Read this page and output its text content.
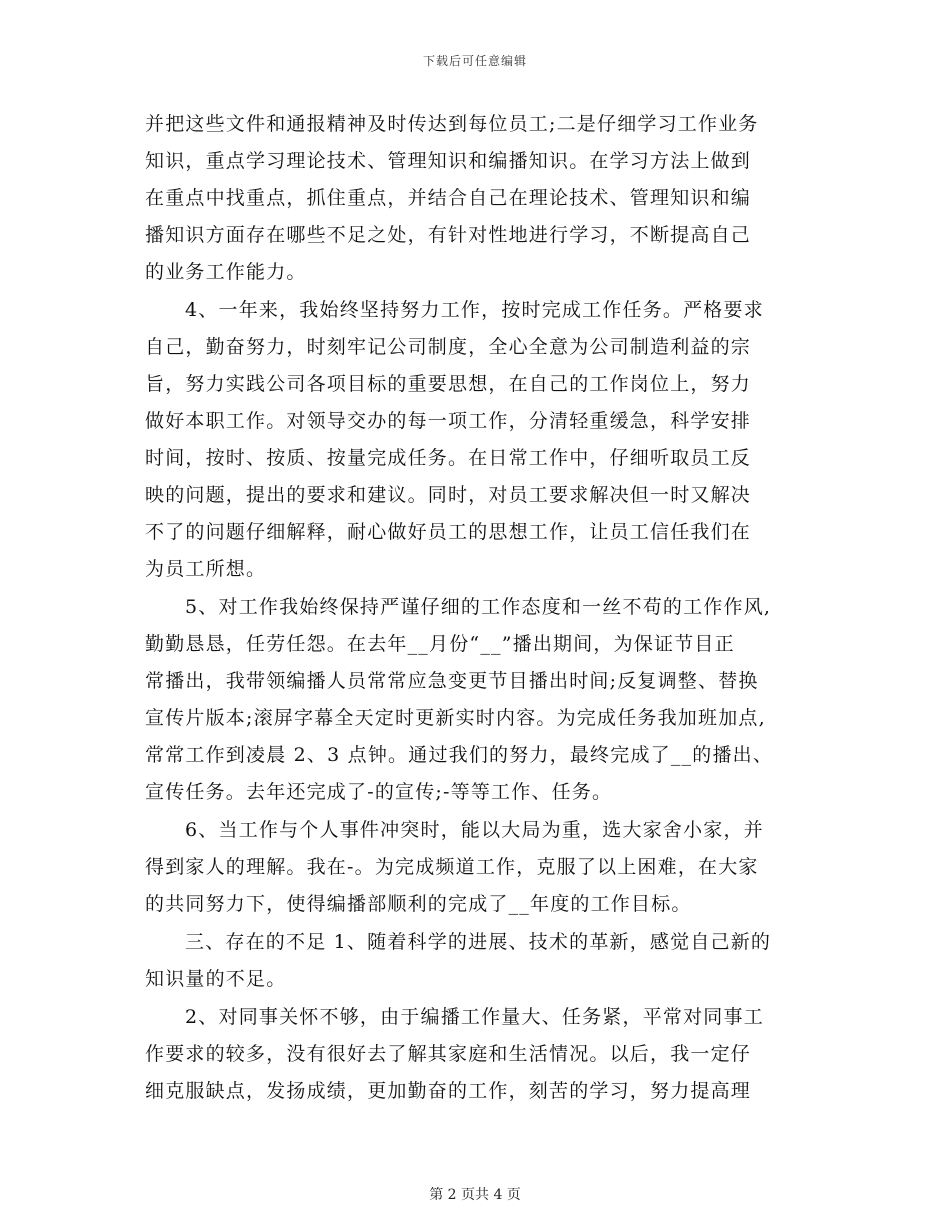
下载后可任意编辑
并把这些文件和通报精神及时传达到每位员工;二是仔细学习工作业务
知识，重点学习理论技术、管理知识和编播知识。在学习方法上做到
在重点中找重点，抓住重点，并结合自己在理论技术、管理知识和编
播知识方面存在哪些不足之处，有针对性地进行学习，不断提高自己
的业务工作能力。
4、一年来，我始终坚持努力工作，按时完成工作任务。严格要求
自己，勤奋努力，时刻牢记公司制度，全心全意为公司制造利益的宗
旨，努力实践公司各项目标的重要思想，在自己的工作岗位上，努力
做好本职工作。对领导交办的每一项工作，分清轻重缓急，科学安排
时间，按时、按质、按量完成任务。在日常工作中，仔细听取员工反
映的问题，提出的要求和建议。同时，对员工要求解决但一时又解决
不了的问题仔细解释，耐心做好员工的思想工作，让员工信任我们在
为员工所想。
5、对工作我始终保持严谨仔细的工作态度和一丝不苟的工作作风,
勤勤恳恳，任劳任怨。在去年__月份“__”播出期间，为保证节目正
常播出，我带领编播人员常常应急变更节目播出时间;反复调整、替换
宣传片版本;滚屏字幕全天定时更新实时内容。为完成任务我加班加点,
常常工作到凌晨 2、3 点钟。通过我们的努力，最终完成了__的播出、
宣传任务。去年还完成了-的宣传;-等等工作、任务。
6、当工作与个人事件冲突时，能以大局为重，选大家舍小家，并
得到家人的理解。我在-。为完成频道工作，克服了以上困难，在大家
的共同努力下，使得编播部顺利的完成了__年度的工作目标。
三、存在的不足 1、随着科学的进展、技术的革新，感觉自己新的
知识量的不足。
2、对同事关怀不够，由于编播工作量大、任务紧，平常对同事工
作要求的较多，没有很好去了解其家庭和生活情况。以后，我一定仔
细克服缺点，发扬成绩，更加勤奋的工作，刻苦的学习，努力提高理
第 2 页共 4 页
